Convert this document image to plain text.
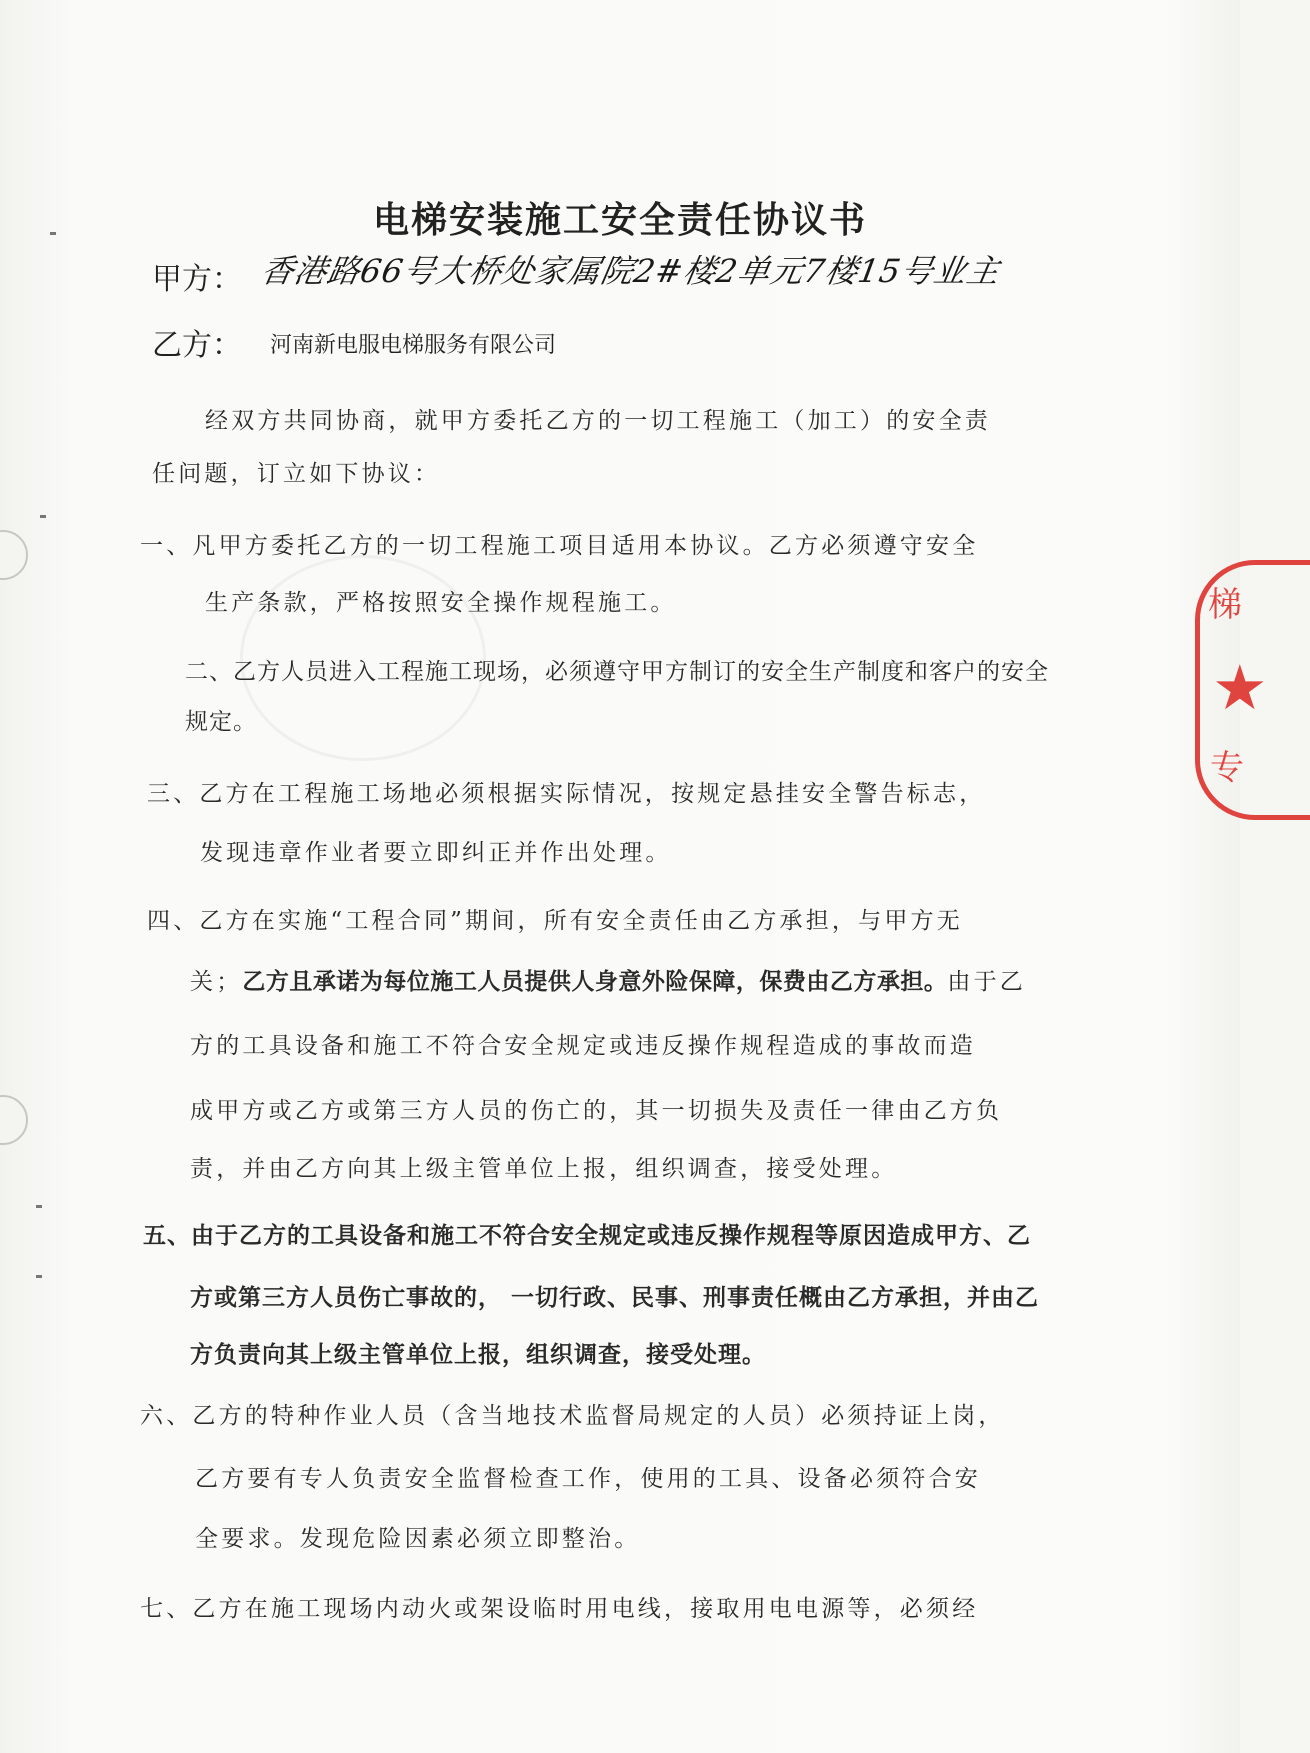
电梯安装施工安全责任协议书
甲方： 香港路66号大桥处家属院2#楼2单元7楼15号业主
乙方： 河南新电服电梯服务有限公司
经双方共同协商，就甲方委托乙方的一切工程施工（加工）的安全责
任问题，订立如下协议：
一、凡甲方委托乙方的一切工程施工项目适用本协议。乙方必须遵守安全
生产条款，严格按照安全操作规程施工。
二、乙方人员进入工程施工现场，必须遵守甲方制订的安全生产制度和客户的安全
规定。
三、乙方在工程施工场地必须根据实际情况，按规定悬挂安全警告标志，
发现违章作业者要立即纠正并作出处理。
四、乙方在实施“工程合同”期间，所有安全责任由乙方承担，与甲方无
关；乙方且承诺为每位施工人员提供人身意外险保障，保费由乙方承担。由于乙
方的工具设备和施工不符合安全规定或违反操作规程造成的事故而造
成甲方或乙方或第三方人员的伤亡的，其一切损失及责任一律由乙方负
责，并由乙方向其上级主管单位上报，组织调查，接受处理。
五、由于乙方的工具设备和施工不符合安全规定或违反操作规程等原因造成甲方、乙
方或第三方人员伤亡事故的， 一切行政、民事、刑事责任概由乙方承担，并由乙
方负责向其上级主管单位上报，组织调查，接受处理。
六、乙方的特种作业人员（含当地技术监督局规定的人员）必须持证上岗，
乙方要有专人负责安全监督检查工作，使用的工具、设备必须符合安
全要求。发现危险因素必须立即整治。
七、乙方在施工现场内动火或架设临时用电线，接取用电电源等，必须经
梯
★
专
